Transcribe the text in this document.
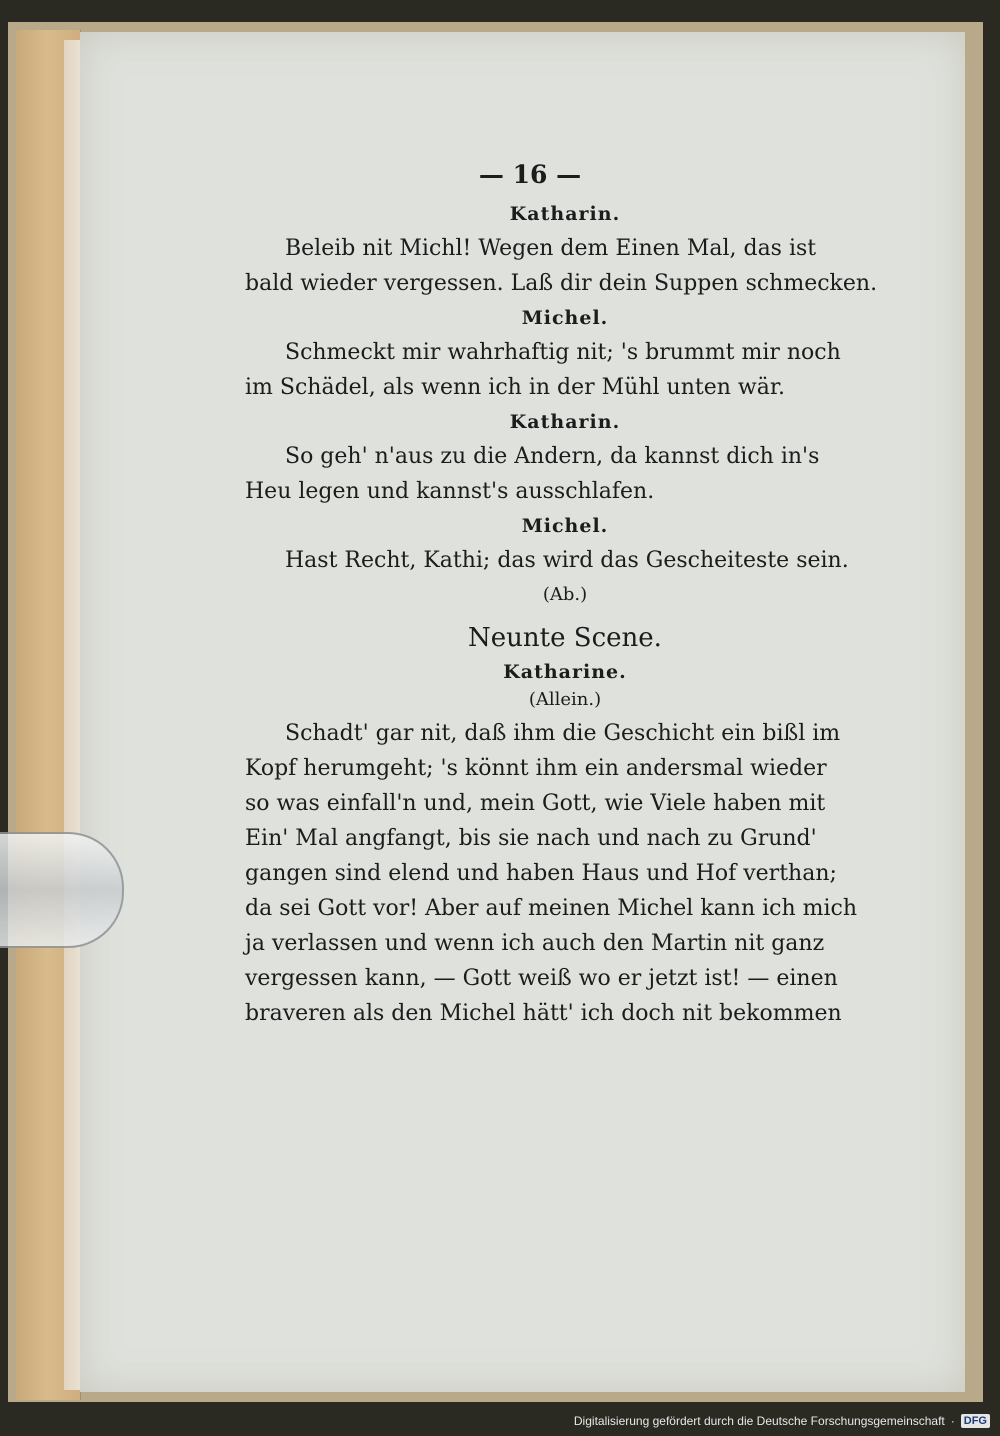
— 16 —
Katharin.
Beleib nit Michl! Wegen dem Einen Mal, das ist
bald wieder vergessen. Laß dir dein Suppen schmecken.
Michel.
Schmeckt mir wahrhaftig nit; 's brummt mir noch
im Schädel, als wenn ich in der Mühl unten wär.
Katharin.
So geh' n'aus zu die Andern, da kannst dich in's
Heu legen und kannst's ausschlafen.
Michel.
Hast Recht, Kathi; das wird das Gescheiteste sein.
(Ab.)
Neunte Scene.
Katharine.
(Allein.)
Schadt' gar nit, daß ihm die Geschicht ein bißl im
Kopf herumgeht; 's könnt ihm ein andersmal wieder
so was einfall'n und, mein Gott, wie Viele haben mit
Ein' Mal angfangt, bis sie nach und nach zu Grund'
gangen sind elend und haben Haus und Hof verthan;
da sei Gott vor! Aber auf meinen Michel kann ich mich
ja verlassen und wenn ich auch den Martin nit ganz
vergessen kann, — Gott weiß wo er jetzt ist! — einen
braveren als den Michel hätt' ich doch nit bekommen
Digitalisierung gefördert durch die Deutsche Forschungsgemeinschaft · DFG
